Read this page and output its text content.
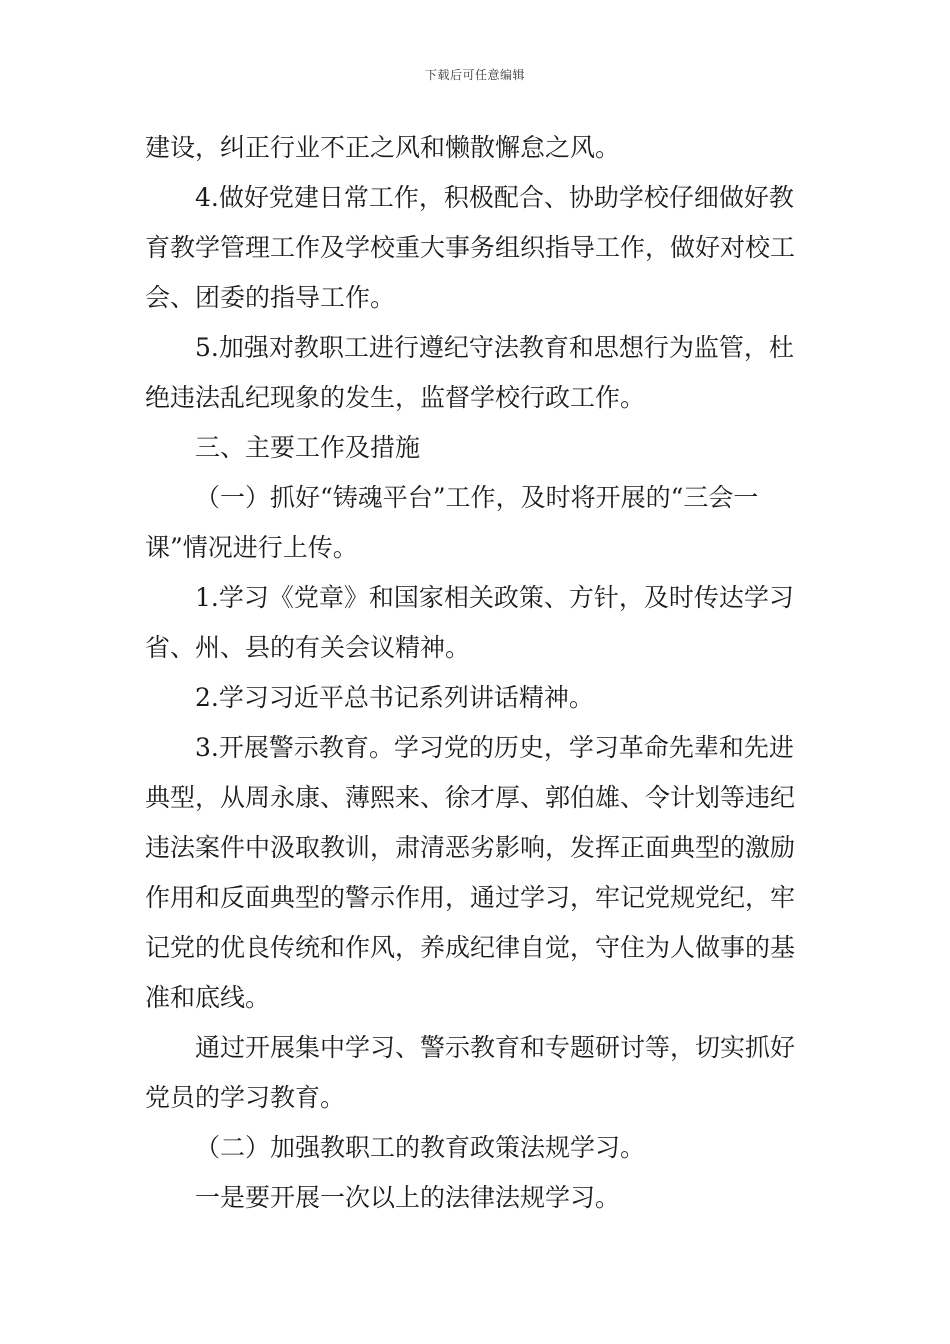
下载后可任意编辑

建设，纠正行业不正之风和懒散懈怠之风。

4.做好党建日常工作，积极配合、协助学校仔细做好教育教学管理工作及学校重大事务组织指导工作，做好对校工会、团委的指导工作。

5.加强对教职工进行遵纪守法教育和思想行为监管，杜绝违法乱纪现象的发生，监督学校行政工作。

三、主要工作及措施

（一）抓好“铸魂平台”工作，及时将开展的“三会一课”情况进行上传。

1.学习《党章》和国家相关政策、方针，及时传达学习省、州、县的有关会议精神。

2.学习习近平总书记系列讲话精神。

3.开展警示教育。学习党的历史，学习革命先辈和先进典型，从周永康、薄熙来、徐才厚、郭伯雄、令计划等违纪违法案件中汲取教训，肃清恶劣影响，发挥正面典型的激励作用和反面典型的警示作用，通过学习，牢记党规党纪，牢记党的优良传统和作风，养成纪律自觉，守住为人做事的基准和底线。

通过开展集中学习、警示教育和专题研讨等，切实抓好党员的学习教育。

（二）加强教职工的教育政策法规学习。

一是要开展一次以上的法律法规学习。
